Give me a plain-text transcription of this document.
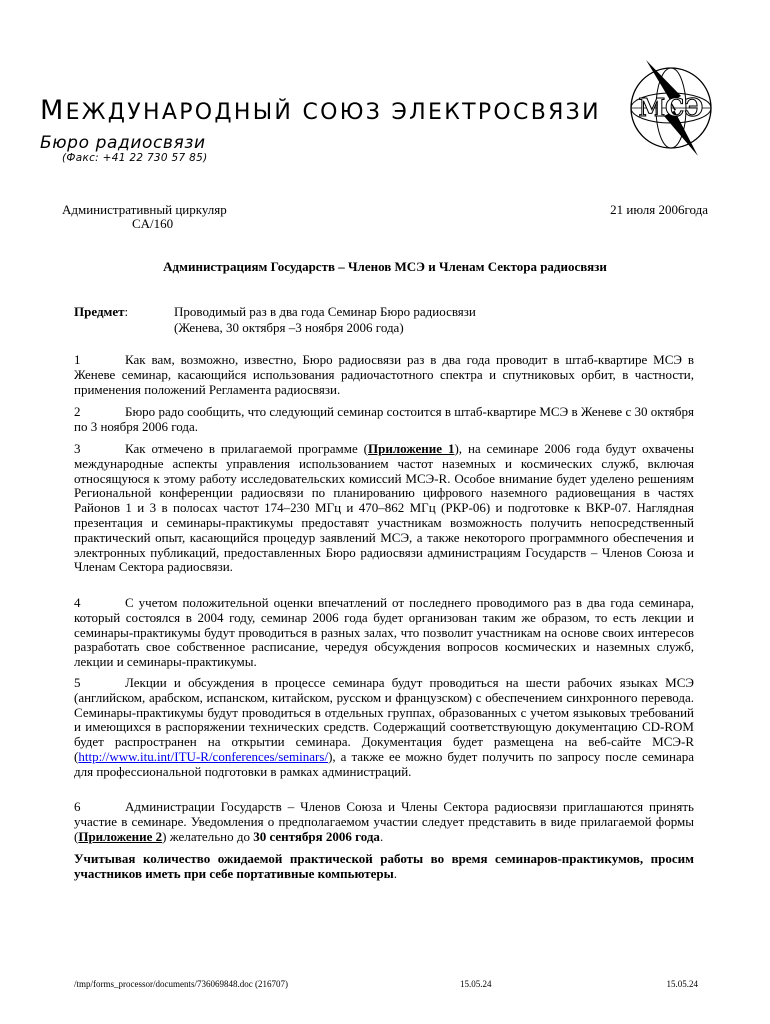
МЕЖДУНАРОДНЫЙ СОЮЗ ЭЛЕКТРОСВЯЗИ
Бюро радиосвязи
(Факс: +41 22 730 57 85)
МСЭ
Административный циркуляр
CA/160
21 июля 2006года
Администрациям Государств – Членов МСЭ и Членам Сектора радиосвязи
Предмет:	Проводимый раз в два года Семинар Бюро радиосвязи
(Женева, 30 октября –3 ноября 2006 года)
1	Как вам, возможно, известно, Бюро радиосвязи раз в два года проводит в штаб-квартире МСЭ в Женеве семинар, касающийся использования радиочастотного спектра и спутниковых орбит, в частности, применения положений Регламента радиосвязи.
2	Бюро радо сообщить, что следующий семинар состоится в штаб-квартире МСЭ в Женеве с 30 октября по 3 ноября 2006 года.
3	Как отмечено в прилагаемой программе (Приложение 1), на семинаре 2006 года будут охвачены международные аспекты управления использованием частот наземных и космических служб, включая относящуюся к этому работу исследовательских комиссий МСЭ-R. Особое внимание будет уделено решениям Региональной конференции радиосвязи по планированию цифрового наземного радиовещания в частях Районов 1 и 3 в полосах частот 174–230 МГц и 470–862 МГц (РКР-06) и подготовке к ВКР-07. Наглядная презентация и семинары-практикумы предоставят участникам возможность получить непосредственный практический опыт, касающийся процедур заявлений МСЭ, а также некоторого программного обеспечения и электронных публикаций, предоставленных Бюро радиосвязи администрациям Государств – Членов Союза и Членам Сектора радиосвязи.
4	С учетом положительной оценки впечатлений от последнего проводимого раз в два года семинара, который состоялся в 2004 году, семинар 2006 года будет организован таким же образом, то есть лекции и семинары-практикумы будут проводиться в разных залах, что позволит участникам на основе своих интересов разработать свое собственное расписание, чередуя обсуждения вопросов космических и наземных служб, лекции и семинары-практикумы.
5	Лекции и обсуждения в процессе семинара будут проводиться на шести рабочих языках МСЭ (английском, арабском, испанском, китайском, русском и французском) с обеспечением синхронного перевода. Семинары-практикумы будут проводиться в отдельных группах, образованных с учетом языковых требований и имеющихся в распоряжении технических средств. Содержащий соответствующую документацию CD-ROM будет распространен на открытии семинара. Документация будет размещена на веб-сайте МСЭ-R (http://www.itu.int/ITU-R/conferences/seminars/), а также ее можно будет получить по запросу после семинара для профессиональной подготовки в рамках администраций.
6	Администрации Государств – Членов Союза и Члены Сектора радиосвязи приглашаются принять участие в семинаре. Уведомления о предполагаемом участии следует представить в виде прилагаемой формы (Приложение 2) желательно до 30 сентября 2006 года.
Учитывая количество ожидаемой практической работы во время семинаров-практикумов, просим участников иметь при себе портативные компьютеры.
/tmp/forms_processor/documents/736069848.doc (216707)	15.05.24	15.05.24
